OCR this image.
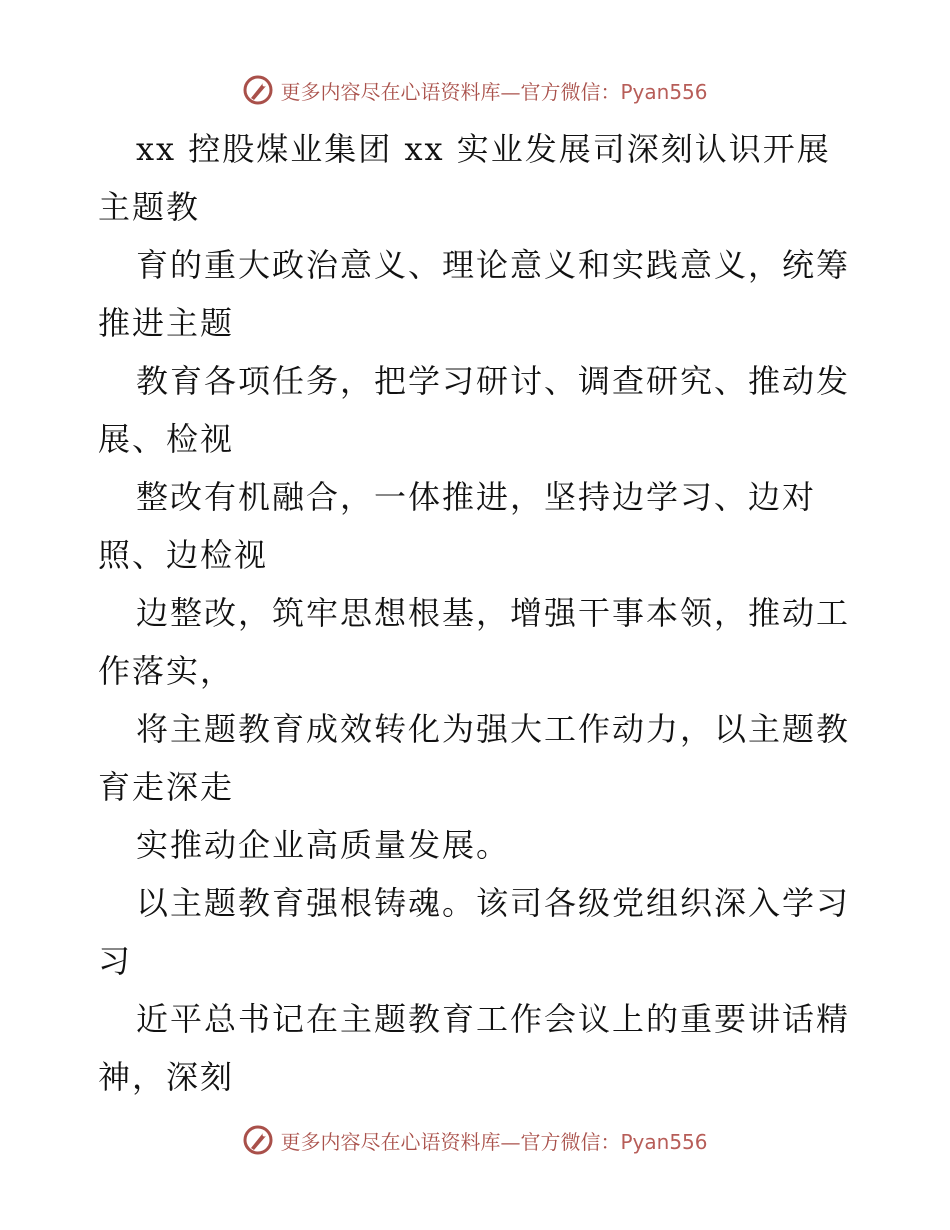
更多内容尽在心语资料库—官方微信：Pyan556
xx 控股煤业集团 xx 实业发展司深刻认识开展
主题教
育的重大政治意义、理论意义和实践意义，统筹
推进主题
教育各项任务，把学习研讨、调查研究、推动发
展、检视
整改有机融合，一体推进，坚持边学习、边对
照、边检视
边整改，筑牢思想根基，增强干事本领，推动工
作落实，
将主题教育成效转化为强大工作动力，以主题教
育走深走
实推动企业高质量发展。
以主题教育强根铸魂。该司各级党组织深入学习
习
近平总书记在主题教育工作会议上的重要讲话精
神，深刻
更多内容尽在心语资料库—官方微信：Pyan556
